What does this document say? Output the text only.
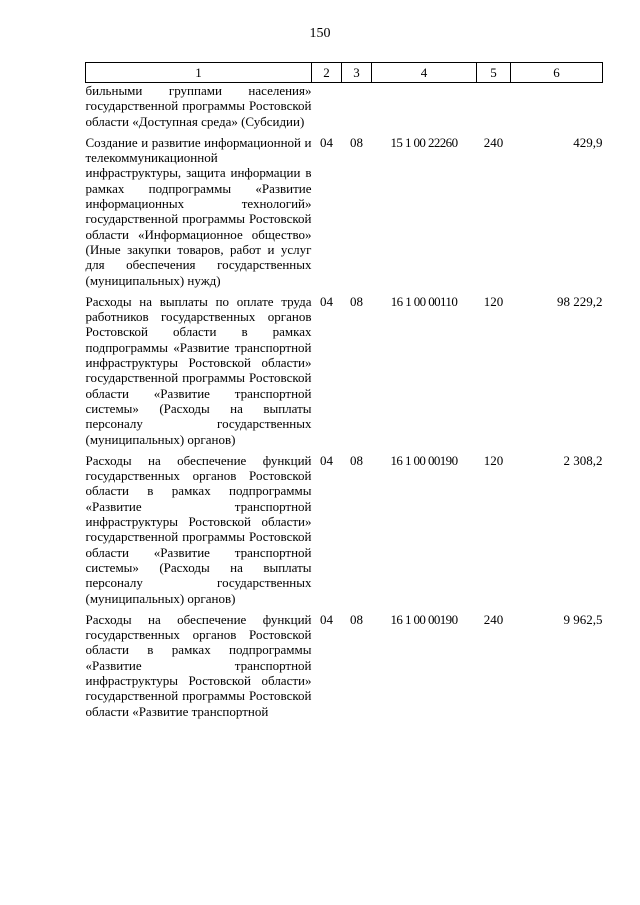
150
1	2	3	4	5	6
бильными группами населения» государственной программы Ростовской области «Доступная среда» (Субсидии)					
Создание и развитие информационной и телекоммуникационной инфраструктуры, защита информации в рамках подпрограммы «Развитие информационных технологий» государственной программы Ростовской области «Информационное общество» (Иные закупки товаров, работ и услуг для обеспечения государственных (муниципальных) нужд)	04	08	15 1 00 22260	240	429,9
Расходы на выплаты по оплате труда работников государственных органов Ростовской области в рамках подпрограммы «Развитие транспортной инфраструктуры Ростовской области» государственной программы Ростовской области «Развитие транспортной системы» (Расходы на выплаты персоналу государственных (муниципальных) органов)	04	08	16 1 00 00110	120	98 229,2
Расходы на обеспечение функций государственных органов Ростовской области в рамках подпрограммы «Развитие транспортной инфраструктуры Ростовской области» государственной программы Ростовской области «Развитие транспортной системы» (Расходы на выплаты персоналу государственных (муниципальных) органов)	04	08	16 1 00 00190	120	2 308,2
Расходы на обеспечение функций государственных органов Ростовской области в рамках подпрограммы «Развитие транспортной инфраструктуры Ростовской области» государственной программы Ростовской области «Развитие транспортной	04	08	16 1 00 00190	240	9 962,5
